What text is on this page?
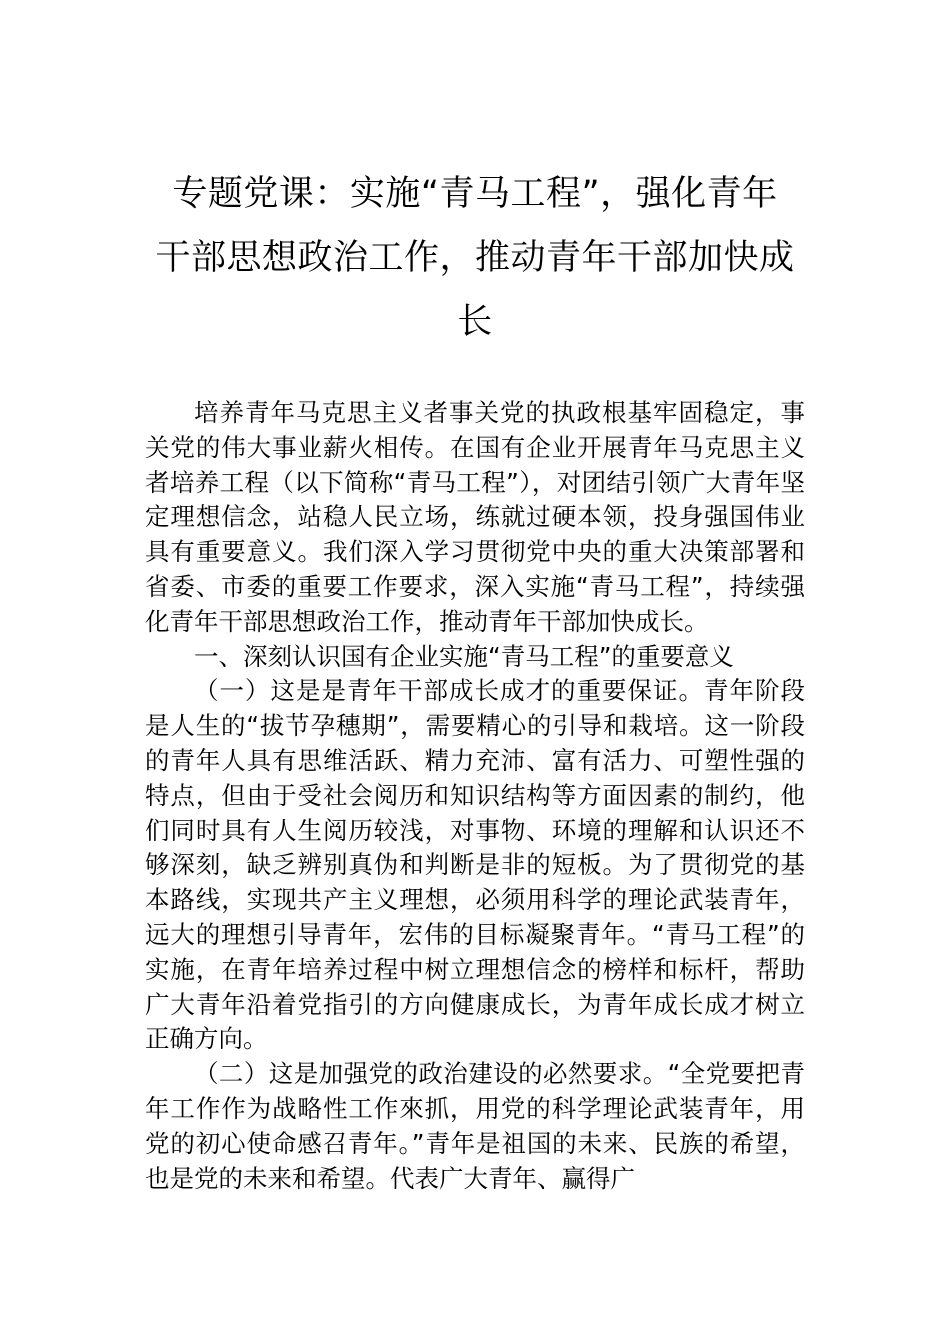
专题党课：实施“青马工程”，强化青年
干部思想政治工作，推动青年干部加快成
长

培养青年马克思主义者事关党的执政根基牢固稳定，事关党的伟大事业薪火相传。在国有企业开展青年马克思主义者培养工程（以下简称“青马工程”），对团结引领广大青年坚定理想信念，站稳人民立场，练就过硬本领，投身强国伟业具有重要意义。我们深入学习贯彻党中央的重大决策部署和省委、市委的重要工作要求，深入实施“青马工程”，持续强化青年干部思想政治工作，推动青年干部加快成长。

一、深刻认识国有企业实施“青马工程”的重要意义

（一）这是是青年干部成长成才的重要保证。青年阶段是人生的“拔节孕穗期”，需要精心的引导和栽培。这一阶段的青年人具有思维活跃、精力充沛、富有活力、可塑性强的特点，但由于受社会阅历和知识结构等方面因素的制约，他们同时具有人生阅历较浅，对事物、环境的理解和认识还不够深刻，缺乏辨别真伪和判断是非的短板。为了贯彻党的基本路线，实现共产主义理想，必须用科学的理论武装青年，远大的理想引导青年，宏伟的目标凝聚青年。“青马工程”的实施，在青年培养过程中树立理想信念的榜样和标杆，帮助广大青年沿着党指引的方向健康成长，为青年成长成才树立正确方向。

（二）这是加强党的政治建设的必然要求。“全党要把青年工作作为战略性工作來抓，用党的科学理论武装青年，用党的初心使命感召青年。”青年是祖国的未来、民族的希望，也是党的未来和希望。代表广大青年、赢得广
